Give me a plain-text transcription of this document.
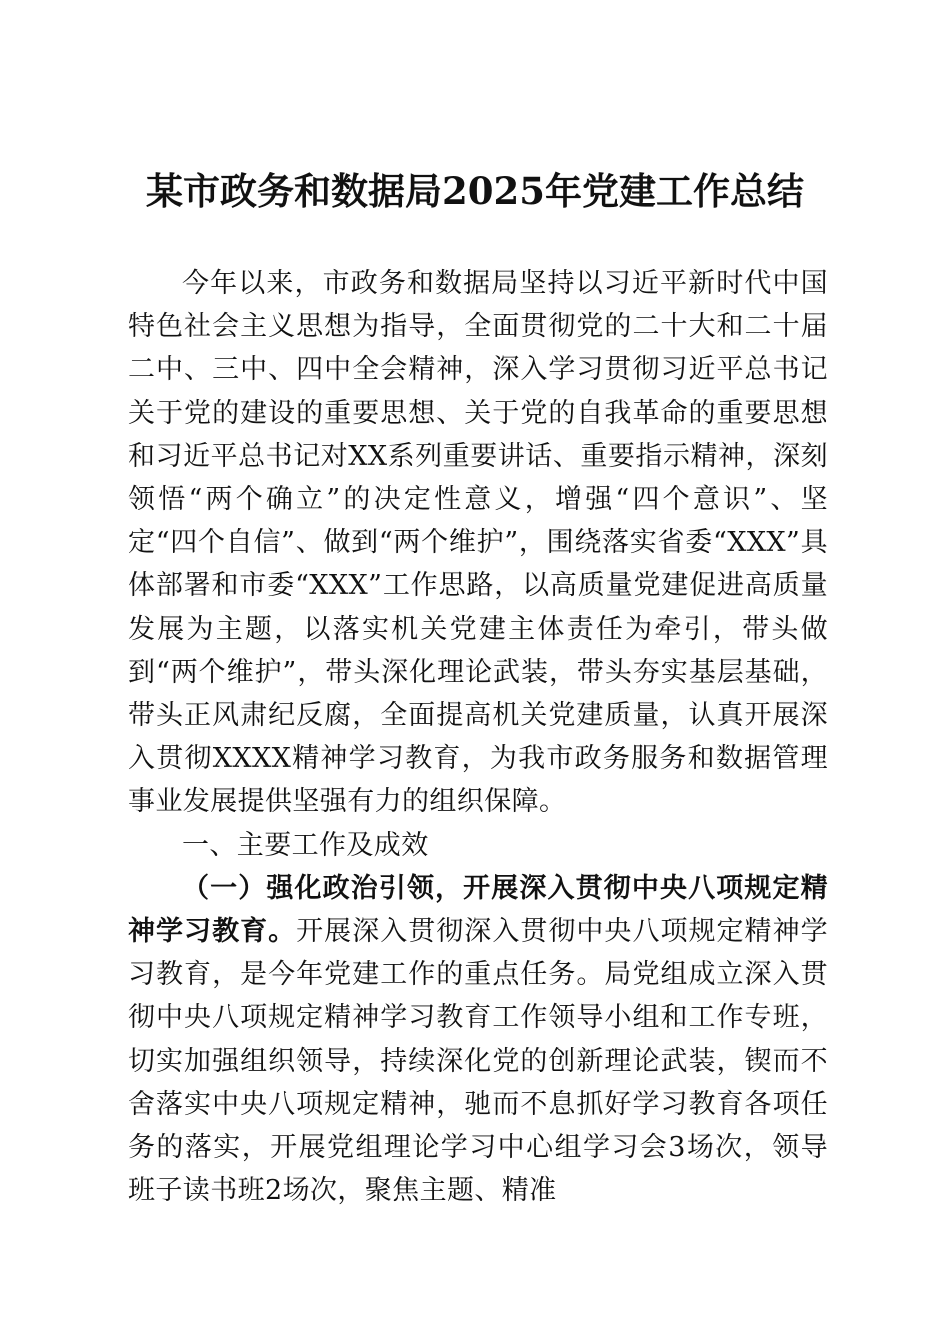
某市政务和数据局2025年党建工作总结

今年以来，市政务和数据局坚持以习近平新时代中国特色社会主义思想为指导，全面贯彻党的二十大和二十届二中、三中、四中全会精神，深入学习贯彻习近平总书记关于党的建设的重要思想、关于党的自我革命的重要思想和习近平总书记对XX系列重要讲话、重要指示精神，深刻领悟“两个确立”的决定性意义，增强“四个意识”、坚定“四个自信”、做到“两个维护”，围绕落实省委“XXX”具体部署和市委“XXX”工作思路，以高质量党建促进高质量发展为主题，以落实机关党建主体责任为牵引，带头做到“两个维护”，带头深化理论武装，带头夯实基层基础，带头正风肃纪反腐，全面提高机关党建质量，认真开展深入贯彻XXXX精神学习教育，为我市政务服务和数据管理事业发展提供坚强有力的组织保障。

一、主要工作及成效

（一）强化政治引领，开展深入贯彻中央八项规定精神学习教育。开展深入贯彻深入贯彻中央八项规定精神学习教育，是今年党建工作的重点任务。局党组成立深入贯彻中央八项规定精神学习教育工作领导小组和工作专班，切实加强组织领导，持续深化党的创新理论武装，锲而不舍落实中央八项规定精神，驰而不息抓好学习教育各项任务的落实，开展党组理论学习中心组学习会3场次，领导班子读书班2场次，聚焦主题、精准
